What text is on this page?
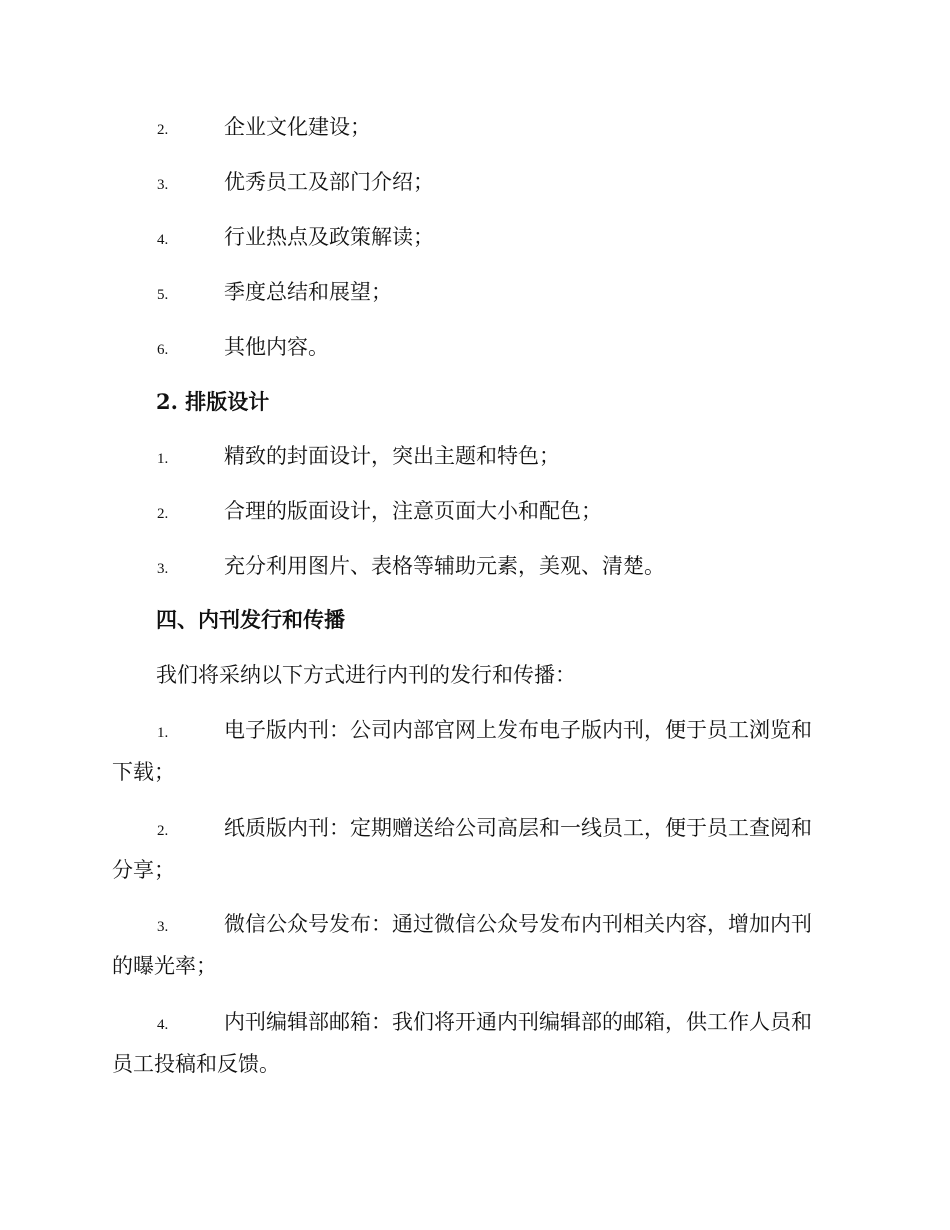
2.	企业文化建设；
3.	优秀员工及部门介绍；
4.	行业热点及政策解读；
5.	季度总结和展望；
6.	其他内容。
2. 排版设计
1.	精致的封面设计，突出主题和特色；
2.	合理的版面设计，注意页面大小和配色；
3.	充分利用图片、表格等辅助元素，美观、清楚。
四、内刊发行和传播
我们将采纳以下方式进行内刊的发行和传播：
1.	电子版内刊：公司内部官网上发布电子版内刊，便于员工浏览和
下载；
2.	纸质版内刊：定期赠送给公司高层和一线员工，便于员工查阅和
分享；
3.	微信公众号发布：通过微信公众号发布内刊相关内容，增加内刊
的曝光率；
4.	内刊编辑部邮箱：我们将开通内刊编辑部的邮箱，供工作人员和
员工投稿和反馈。
